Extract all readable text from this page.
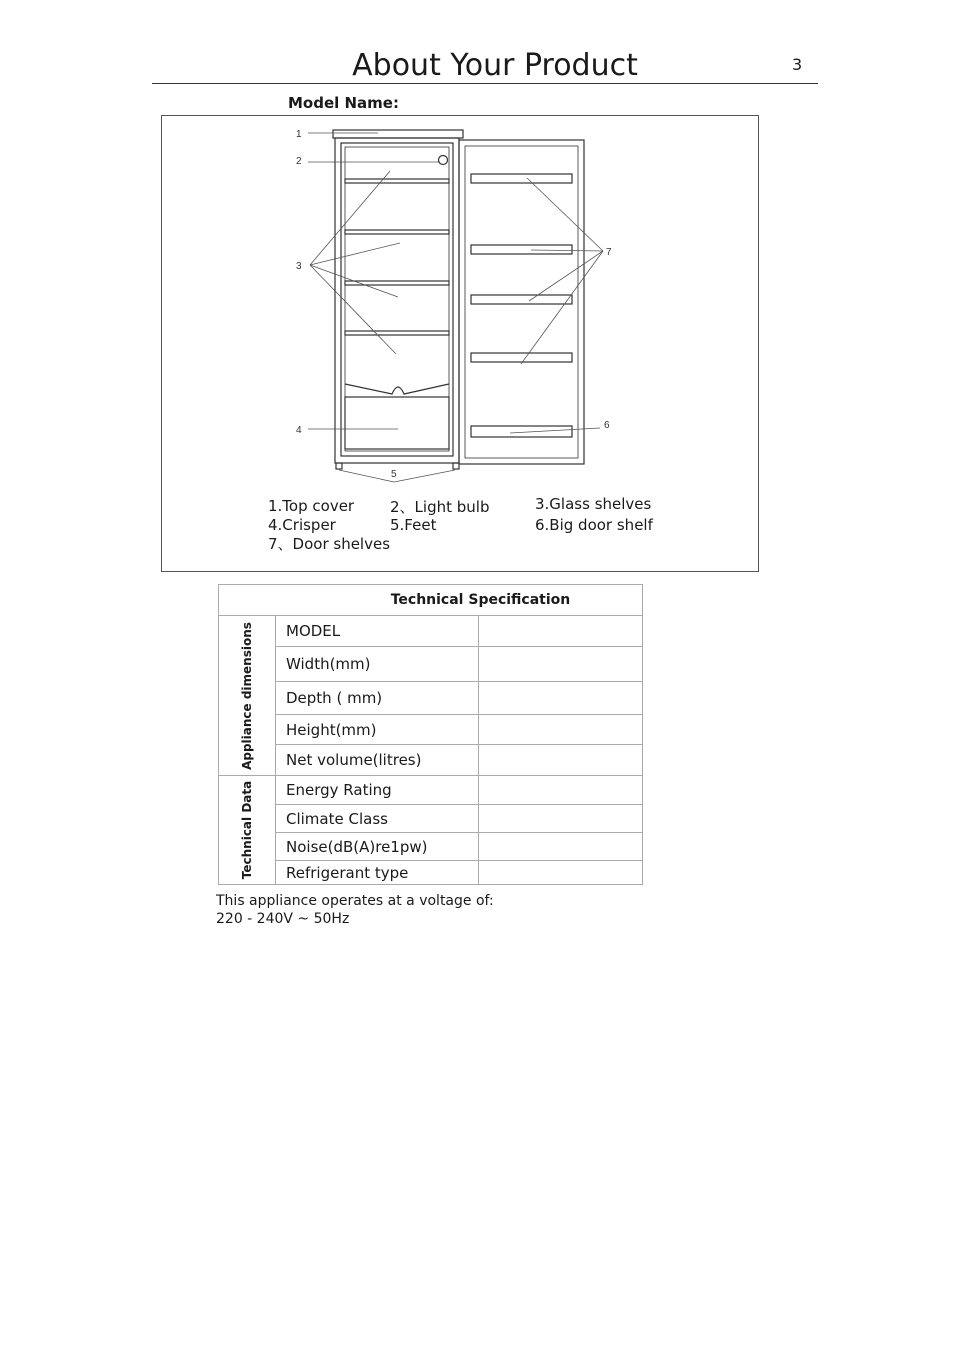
About Your Product	3
Model Name:
1
2
3
4
5
6
7
1.Top cover 2、Light bulb	3.Glass shelves
4.Crisper	5.Feet	6.Big door shelf
7、Door shelves
Technical Specification		

Appliance dimensions	MODEL	
	Width(mm)	
	Depth ( mm)	
	Height(mm)	
	Net volume(litres)	

Technical Data	Energy Rating	
	Climate Class	
	Noise(dB(A)re1pw)	
	Refrigerant type	
This appliance operates at a voltage of:
220 - 240V ~ 50Hz
